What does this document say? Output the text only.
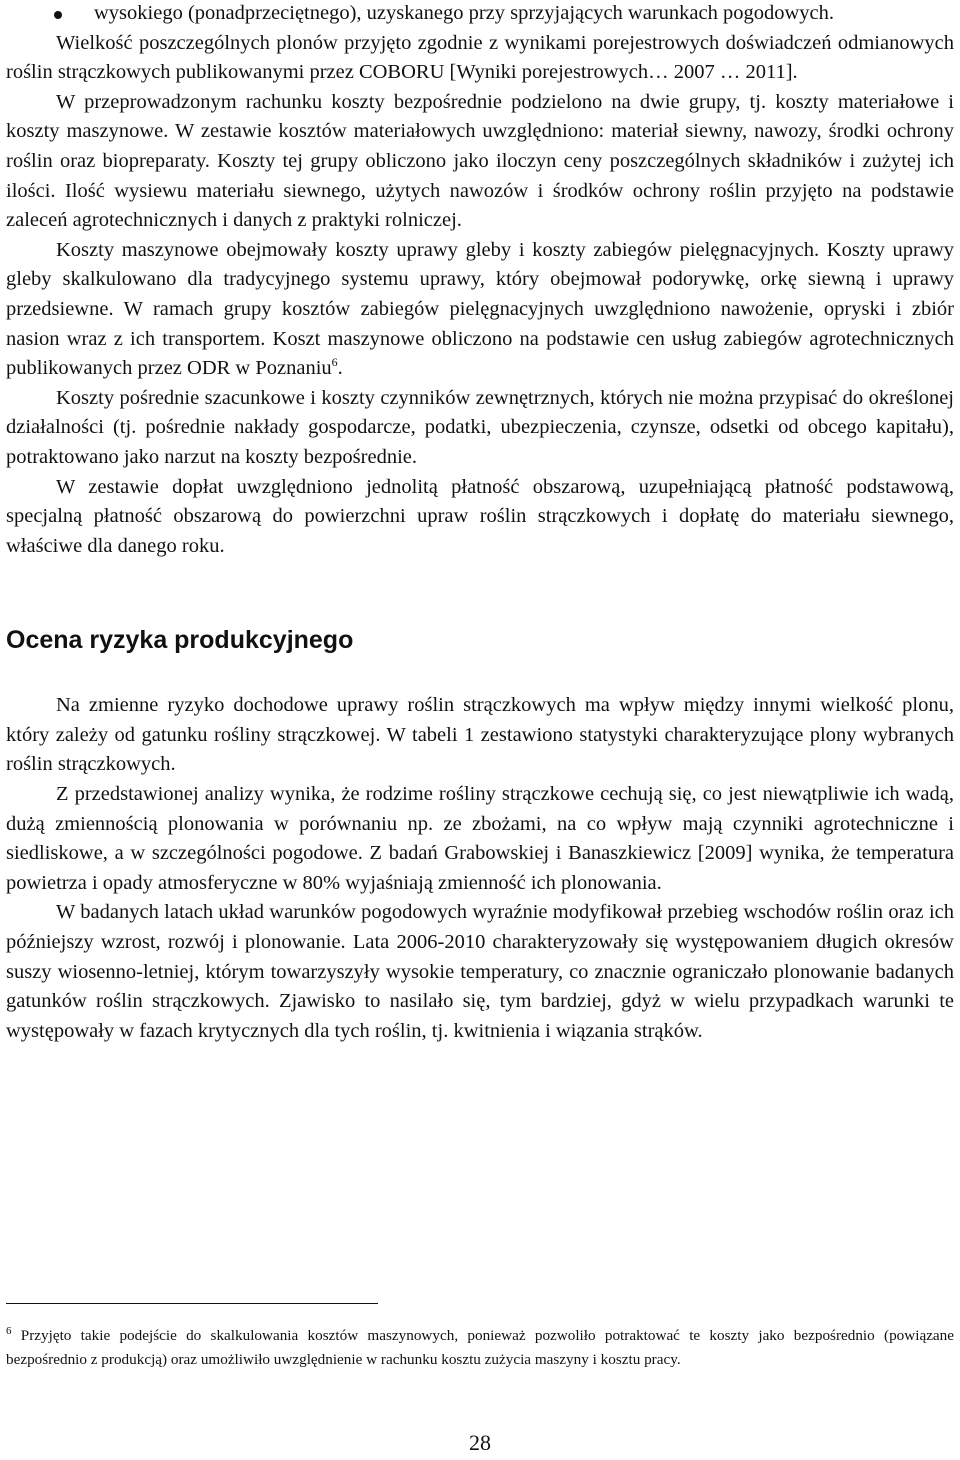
wysokiego (ponadprzeciętnego), uzyskanego przy sprzyjających warunkach pogodowych.

Wielkość poszczególnych plonów przyjęto zgodnie z wynikami porejestrowych doświadczeń odmianowych roślin strączkowych publikowanymi przez COBORU [Wyniki porejestrowych… 2007 … 2011].

W przeprowadzonym rachunku koszty bezpośrednie podzielono na dwie grupy, tj. koszty materiałowe i koszty maszynowe. W zestawie kosztów materiałowych uwzględniono: materiał siewny, nawozy, środki ochrony roślin oraz biopreparaty. Koszty tej grupy obliczono jako iloczyn ceny poszczególnych składników i zużytej ich ilości. Ilość wysiewu materiału siewnego, użytych nawozów i środków ochrony roślin przyjęto na podstawie zaleceń agrotechnicznych i danych z praktyki rolniczej.

Koszty maszynowe obejmowały koszty uprawy gleby i koszty zabiegów pielęgnacyjnych. Koszty uprawy gleby skalkulowano dla tradycyjnego systemu uprawy, który obejmował podorywkę, orkę siewną i uprawy przedsiewne. W ramach grupy kosztów zabiegów pielęgnacyjnych uwzględniono nawożenie, opryski i zbiór nasion wraz z ich transportem. Koszt maszynowe obliczono na podstawie cen usług zabiegów agrotechnicznych publikowanych przez ODR w Poznaniu$^6$.

Koszty pośrednie szacunkowe i koszty czynników zewnętrznych, których nie można przypisać do określonej działalności (tj. pośrednie nakłady gospodarcze, podatki, ubezpieczenia, czynsze, odsetki od obcego kapitału), potraktowano jako narzut na koszty bezpośrednie.

W zestawie dopłat uwzględniono jednolitą płatność obszarową, uzupełniającą płatność podstawową, specjalną płatność obszarową do powierzchni upraw roślin strączkowych i dopłatę do materiału siewnego, właściwe dla danego roku.

Ocena ryzyka produkcyjnego

Na zmienne ryzyko dochodowe uprawy roślin strączkowych ma wpływ między innymi wielkość plonu, który zależy od gatunku rośliny strączkowej. W tabeli 1 zestawiono statystyki charakteryzujące plony wybranych roślin strączkowych.

Z przedstawionej analizy wynika, że rodzime rośliny strączkowe cechują się, co jest niewątpliwie ich wadą, dużą zmiennością plonowania w porównaniu np. ze zbożami, na co wpływ mają czynniki agrotechniczne i siedliskowe, a w szczególności pogodowe. Z badań Grabowskiej i Banaszkiewicz [2009] wynika, że temperatura powietrza i opady atmosferyczne w 80% wyjaśniają zmienność ich plonowania.

W badanych latach układ warunków pogodowych wyraźnie modyfikował przebieg wschodów roślin oraz ich późniejszy wzrost, rozwój i plonowanie. Lata 2006-2010 charakteryzowały się występowaniem długich okresów suszy wiosenno-letniej, którym towarzyszyły wysokie temperatury, co znacznie ograniczało plonowanie badanych gatunków roślin strączkowych. Zjawisko to nasilało się, tym bardziej, gdyż w wielu przypadkach warunki te występowały w fazach krytycznych dla tych roślin, tj. kwitnienia i wiązania strąków.

$^6$ Przyjęto takie podejście do skalkulowania kosztów maszynowych, ponieważ pozwoliło potraktować te koszty jako bezpośrednio (powiązane bezpośrednio z produkcją) oraz umożliwiło uwzględnienie w rachunku kosztu zużycia maszyny i kosztu pracy.
28
